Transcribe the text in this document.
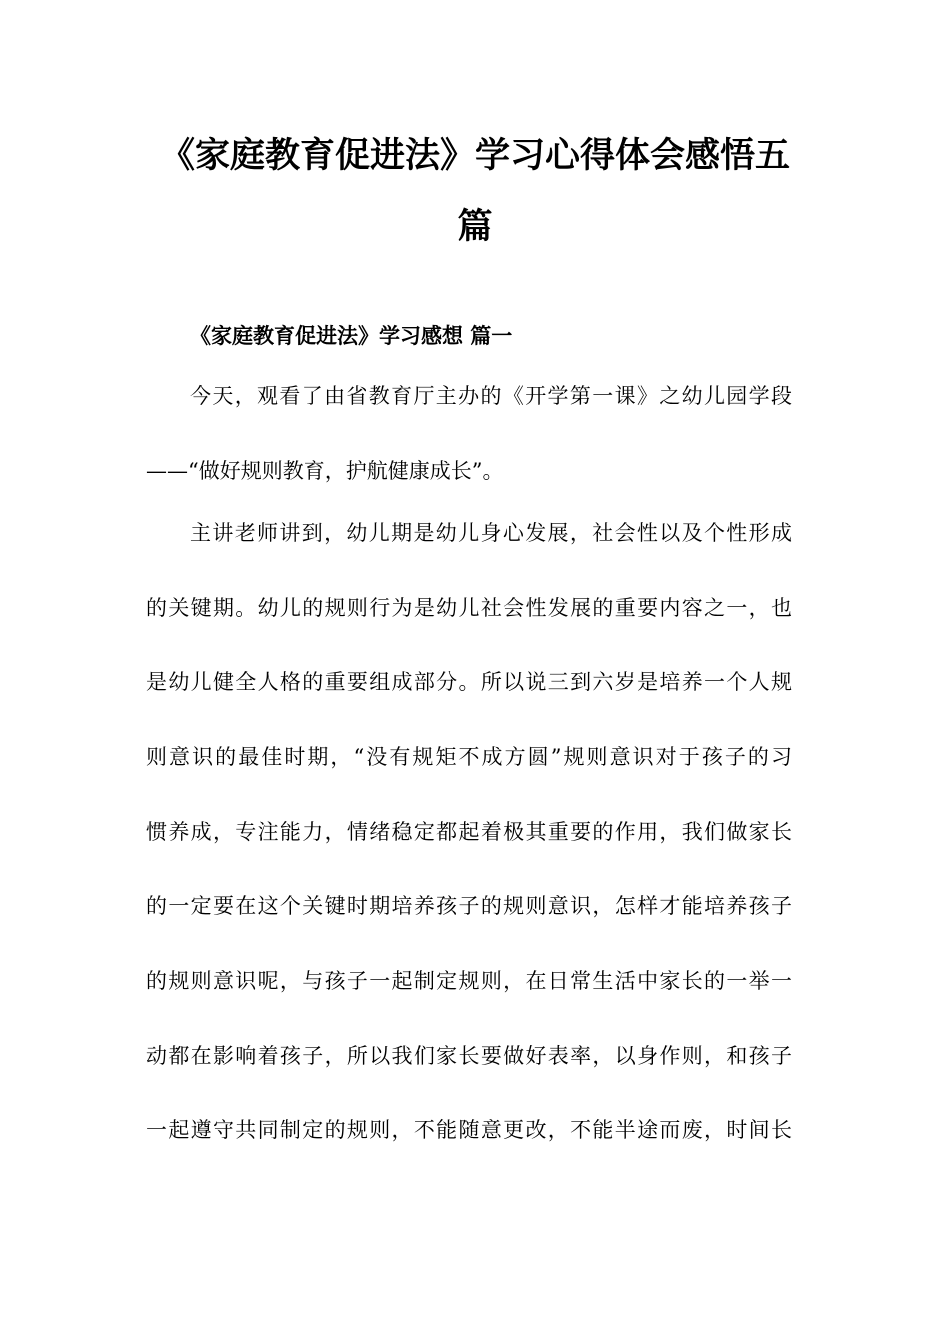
《家庭教育促进法》学习心得体会感悟五
篇
《家庭教育促进法》学习感想 篇一

今天，观看了由省教育厅主办的《开学第一课》之幼儿园学段

——“做好规则教育，护航健康成长”。

主讲老师讲到，幼儿期是幼儿身心发展，社会性以及个性形成

的关键期。幼儿的规则行为是幼儿社会性发展的重要内容之一，也

是幼儿健全人格的重要组成部分。所以说三到六岁是培养一个人规

则意识的最佳时期，“没有规矩不成方圆”规则意识对于孩子的习

惯养成，专注能力，情绪稳定都起着极其重要的作用，我们做家长

的一定要在这个关键时期培养孩子的规则意识，怎样才能培养孩子

的规则意识呢，与孩子一起制定规则，在日常生活中家长的一举一

动都在影响着孩子，所以我们家长要做好表率，以身作则，和孩子

一起遵守共同制定的规则，不能随意更改，不能半途而废，时间长
